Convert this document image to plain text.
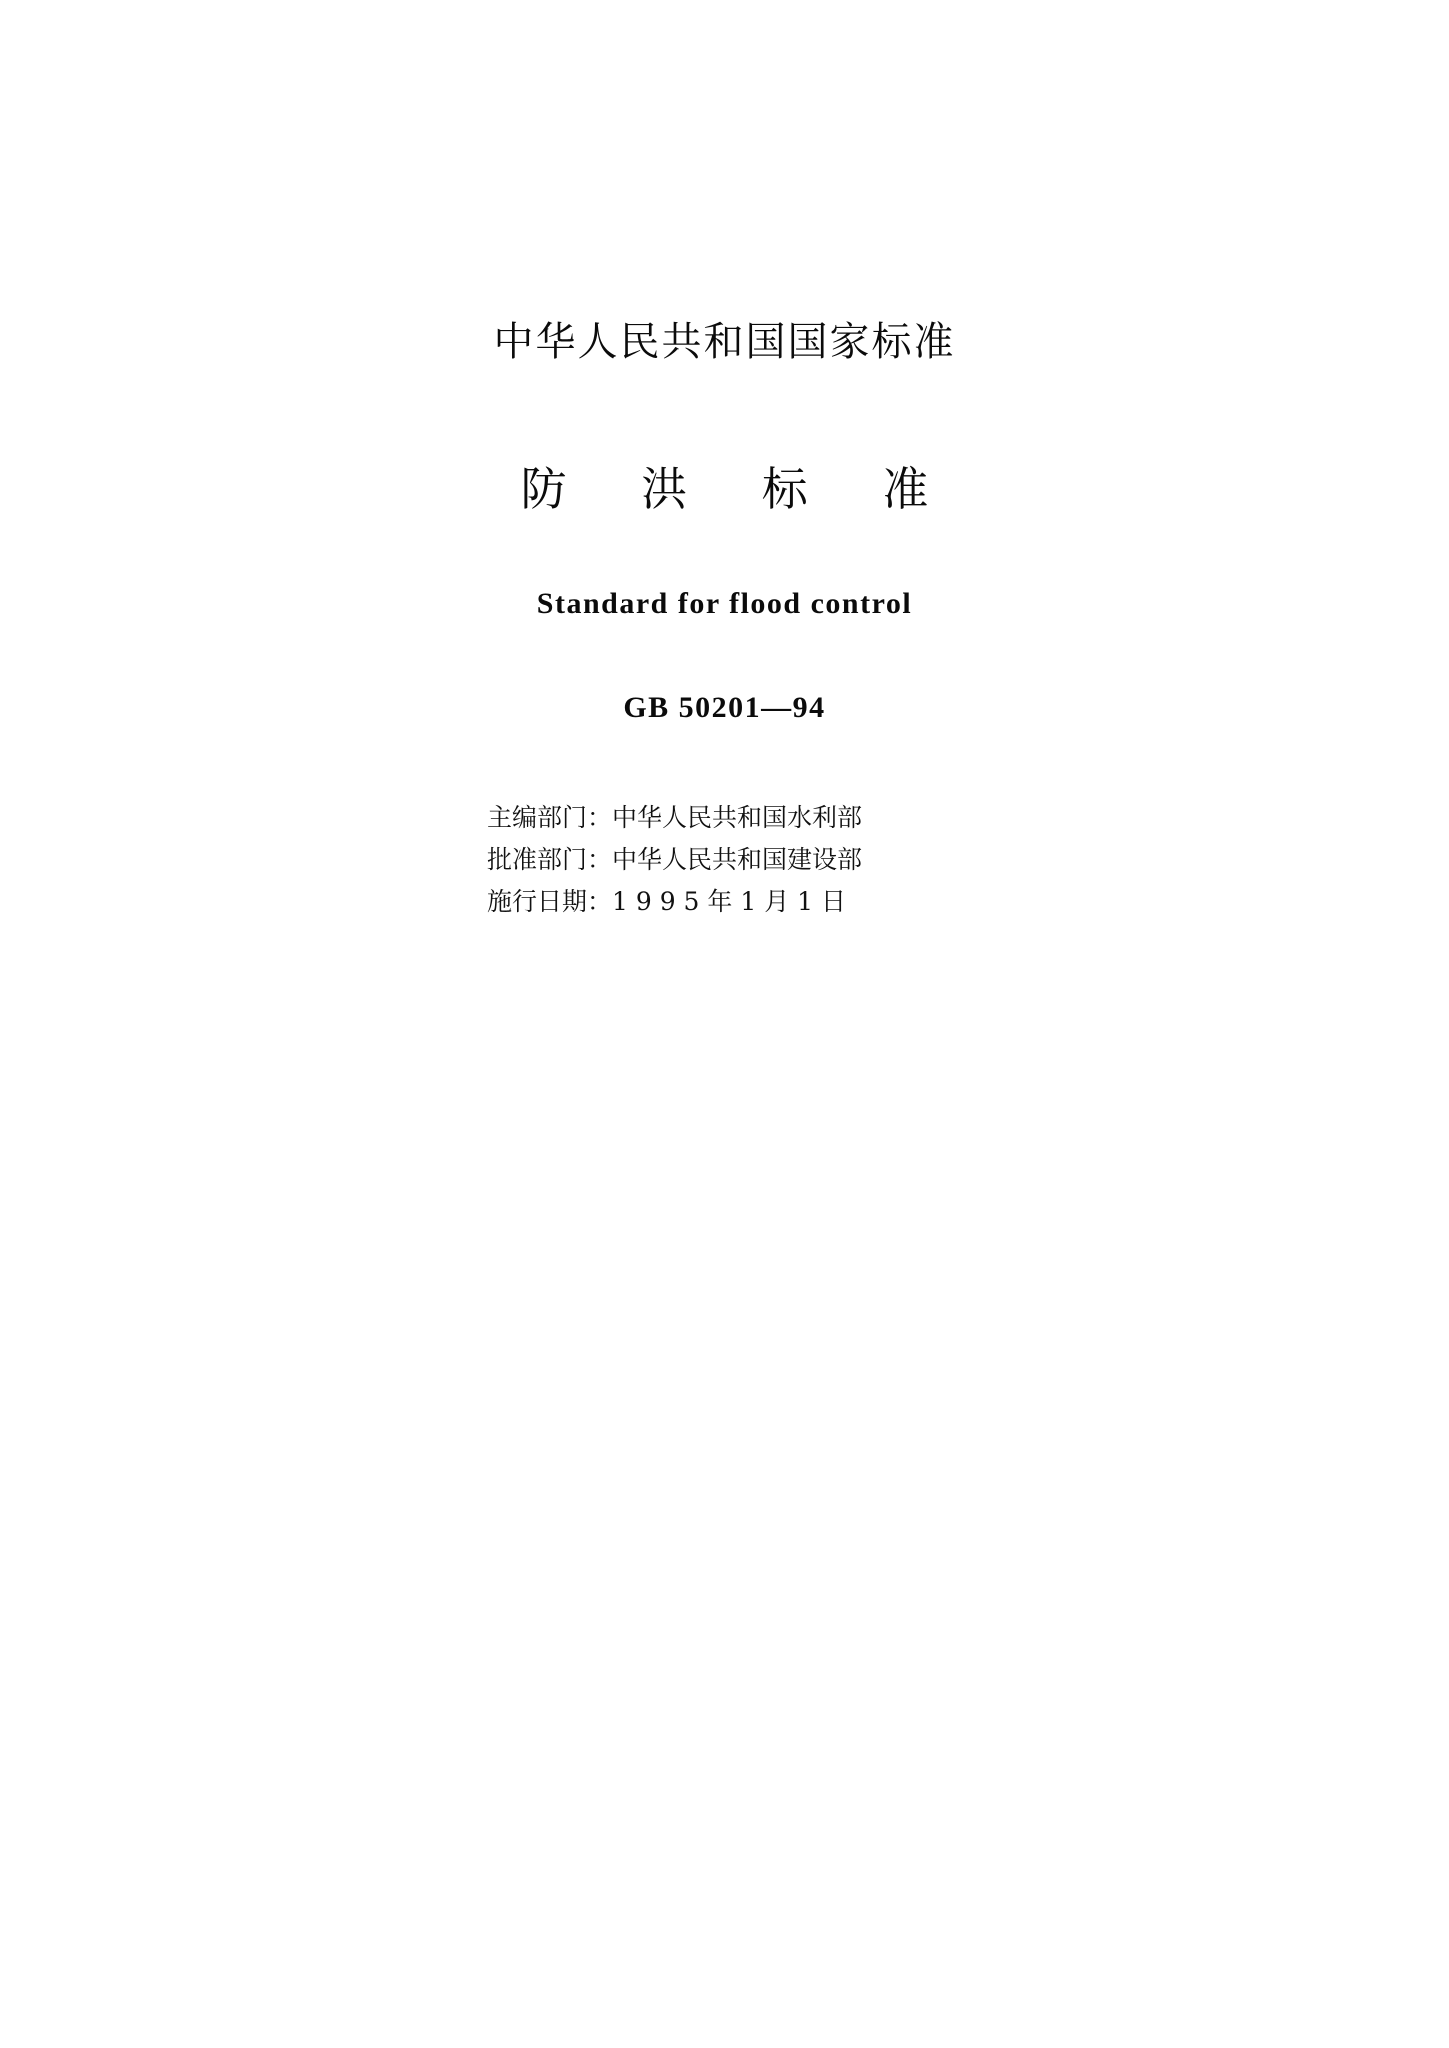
中华人民共和国国家标准
防 洪 标 准
Standard for flood control
GB 50201—94
主编部门：中华人民共和国水利部
批准部门：中华人民共和国建设部
施行日期：1 9 9 5 年 1 月 1 日
